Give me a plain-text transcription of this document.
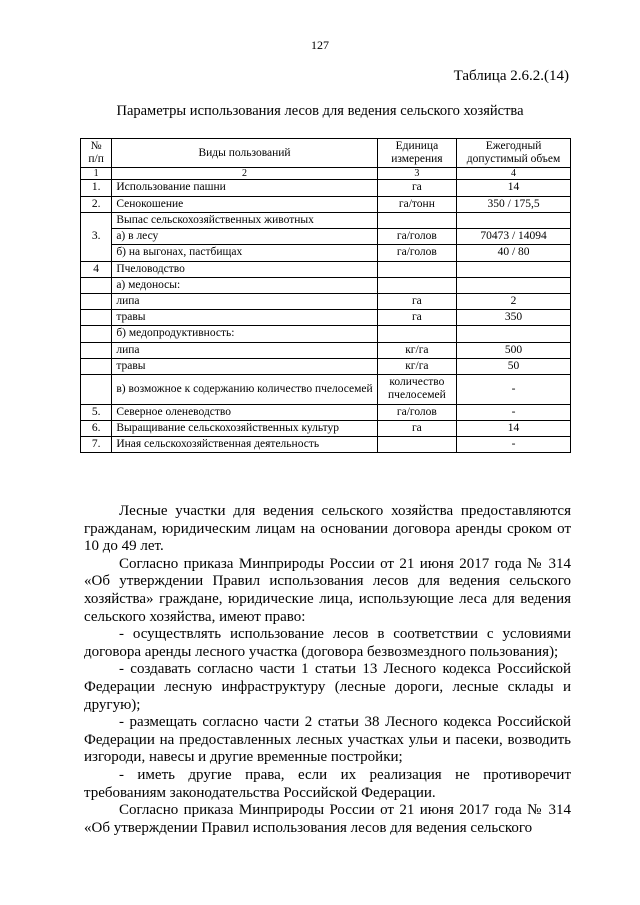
127
Таблица 2.6.2.(14)
Параметры использования лесов для ведения сельского хозяйства
№ п/п	Виды пользований	Единица измерения	Ежегодный допустимый объем
1	2	3	4
1.	Использование пашни	га	14
2.	Сенокошение	га/тонн	350 / 175,5
3.	Выпас сельскохозяйственных животных		
	а) в лесу	га/голов	70473 / 14094
	б) на выгонах, пастбищах	га/голов	40 / 80
4	Пчеловодство		
	а) медоносы:		
	липа	га	2
	травы	га	350
	б) медопродуктивность:		
	липа	кг/га	500
	травы	кг/га	50
	в) возможное к содержанию количество пчелосемей	количество пчелосемей	-
5.	Северное оленеводство	га/голов	-
6.	Выращивание сельскохозяйственных культур	га	14
7.	Иная сельскохозяйственная деятельность		-

Лесные участки для ведения сельского хозяйства предоставляются гражданам, юридическим лицам на основании договора аренды сроком от 10 до 49 лет.

Согласно приказа Минприроды России от 21 июня 2017 года № 314 «Об утверждении Правил использования лесов для ведения сельского хозяйства» граждане, юридические лица, использующие леса для ведения сельского хозяйства, имеют право:

- осуществлять использование лесов в соответствии с условиями договора аренды лесного участка (договора безвозмездного пользования);

- создавать согласно части 1 статьи 13 Лесного кодекса Российской Федерации лесную инфраструктуру (лесные дороги, лесные склады и другую);

- размещать согласно части 2 статьи 38 Лесного кодекса Российской Федерации на предоставленных лесных участках ульи и пасеки, возводить изгороди, навесы и другие временные постройки;

- иметь другие права, если их реализация не противоречит требованиям законодательства Российской Федерации.

Согласно приказа Минприроды России от 21 июня 2017 года № 314 «Об утверждении Правил использования лесов для ведения сельского
